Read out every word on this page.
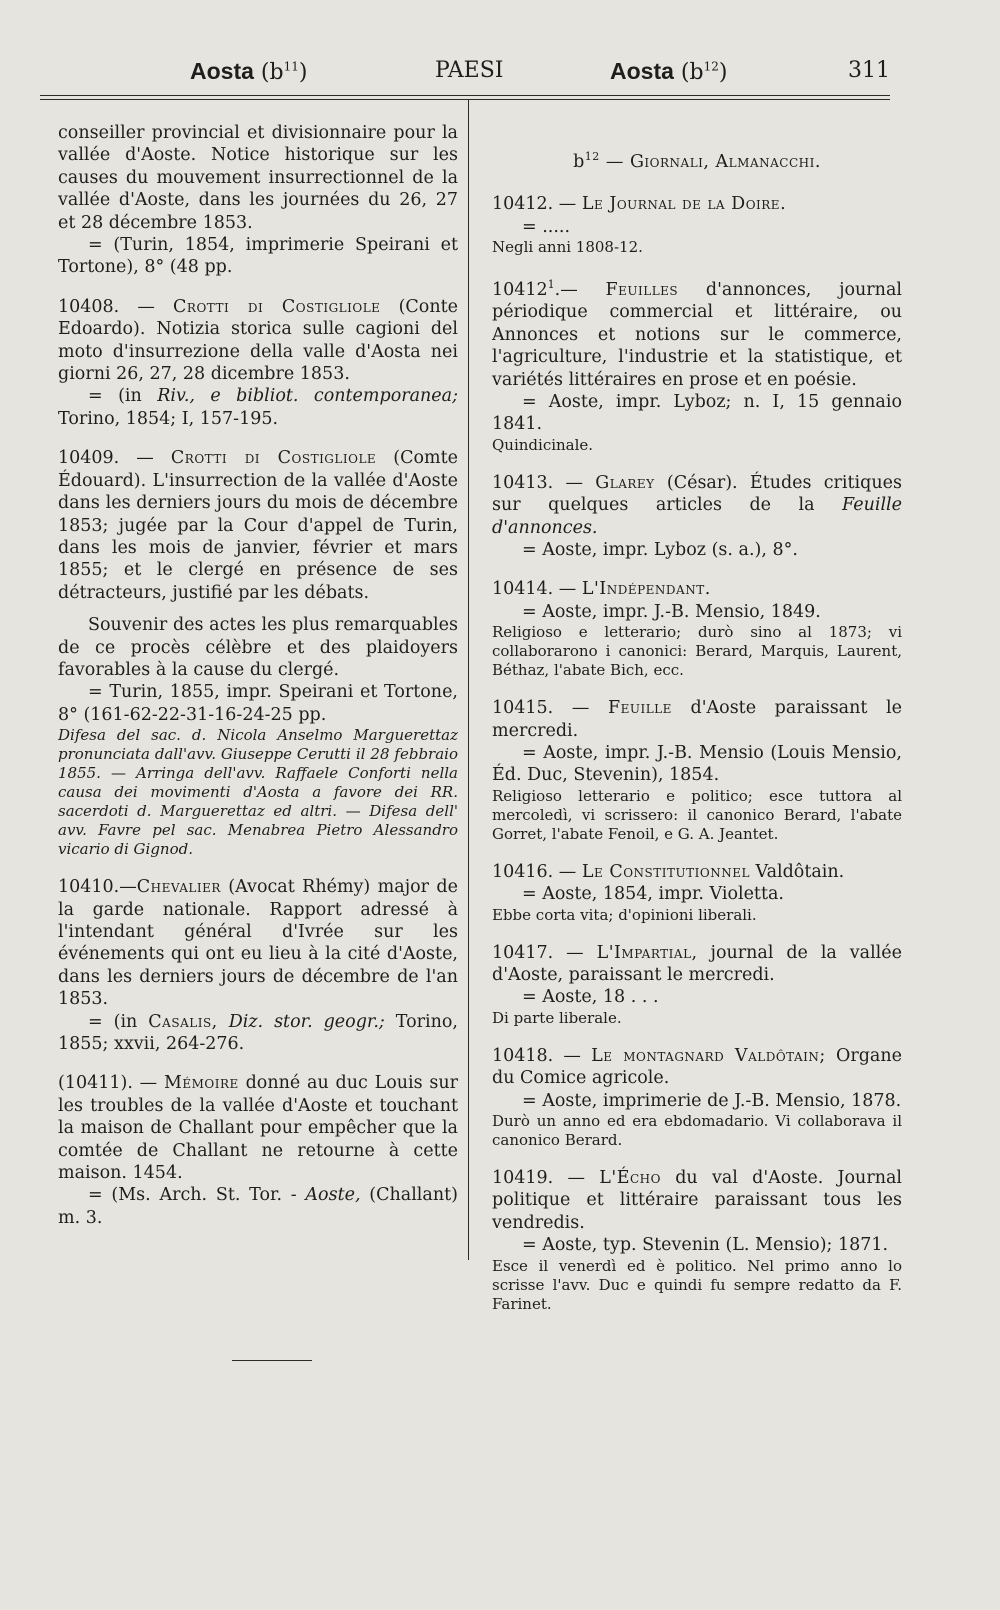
Aosta $(b^{11})$	PAESI	Aosta $(b^{12})$	311

conseiller provincial et divisionnaire pour la vallée d'Aoste. Notice historique sur les causes du mouvement insurrectionnel de la vallée d'Aoste, dans les journées du 26, 27 et 28 décembre 1853.

= (Turin, 1854, imprimerie Speirani et Tortone), 8° (48 pp.

10408. — Crotti di Costigliole (Conte Edoardo). Notizia storica sulle cagioni del moto d'insurrezione della valle d'Aosta nei giorni 26, 27, 28 dicembre 1853.

= (in Riv., e bibliot. contemporanea; Torino, 1854; I, 157-195.

10409. — Crotti di Costigliole (Comte Édouard). L'insurrection de la vallée d'Aoste dans les derniers jours du mois de décembre 1853; jugée par la Cour d'appel de Turin, dans les mois de janvier, février et mars 1855; et le clergé en présence de ses détracteurs, justifié par les débats.

Souvenir des actes les plus remarquables de ce procès célèbre et des plaidoyers favorables à la cause du clergé.

= Turin, 1855, impr. Speirani et Tortone, 8° (161-62-22-31-16-24-25 pp.

Difesa del sac. d. Nicola Anselmo Marguerettaz pronunciata dall'avv. Giuseppe Cerutti il 28 febbraio 1855. — Arringa dell'avv. Raffaele Conforti nella causa dei movimenti d'Aosta a favore dei RR. sacerdoti d. Marguerettaz ed altri. — Difesa dell' avv. Favre pel sac. Menabrea Pietro Alessandro vicario di Gignod.

10410.—Chevalier (Avocat Rhémy) major de la garde nationale. Rapport adressé à l'intendant général d'Ivrée sur les événements qui ont eu lieu à la cité d'Aoste, dans les derniers jours de décembre de l'an 1853.

= (in Casalis, Diz. stor. geogr.; Torino, 1855; xxvii, 264-276.

(10411). — Mémoire donné au duc Louis sur les troubles de la vallée d'Aoste et touchant la maison de Challant pour empêcher que la comtée de Challant ne retourne à cette maison. 1454.

= (Ms. Arch. St. Tor. - Aoste, (Challant) m. 3.

$b^{12}$ — Giornali, Almanacchi.

10412. — Le Journal de la Doire.

= .....

Negli anni 1808-12.

10412$^1$.— Feuilles d'annonces, journal périodique commercial et littéraire, ou Annonces et notions sur le commerce, l'agriculture, l'industrie et la statistique, et variétés littéraires en prose et en poésie.

= Aoste, impr. Lyboz; n. I, 15 gennaio 1841.

Quindicinale.

10413. — Glarey (César). Études critiques sur quelques articles de la Feuille d'annonces.

= Aoste, impr. Lyboz (s. a.), 8°.

10414. — L'Indépendant.

= Aoste, impr. J.-B. Mensio, 1849.

Religioso e letterario; durò sino al 1873; vi collaborarono i canonici: Berard, Marquis, Laurent, Béthaz, l'abate Bich, ecc.

10415. — Feuille d'Aoste paraissant le mercredi.

= Aoste, impr. J.-B. Mensio (Louis Mensio, Éd. Duc, Stevenin), 1854.

Religioso letterario e politico; esce tuttora al mercoledì, vi scrissero: il canonico Berard, l'abate Gorret, l'abate Fenoil, e G. A. Jeantet.

10416. — Le Constitutionnel Valdôtain.

= Aoste, 1854, impr. Violetta.

Ebbe corta vita; d'opinioni liberali.

10417. — L'Impartial, journal de la vallée d'Aoste, paraissant le mercredi.

= Aoste, 18 . . .

Di parte liberale.

10418. — Le montagnard Valdôtain; Organe du Comice agricole.

= Aoste, imprimerie de J.-B. Mensio, 1878.

Durò un anno ed era ebdomadario. Vi collaborava il canonico Berard.

10419. — L'Écho du val d'Aoste. Journal politique et littéraire paraissant tous les vendredis.

= Aoste, typ. Stevenin (L. Mensio); 1871.

Esce il venerdì ed è politico. Nel primo anno lo scrisse l'avv. Duc e quindi fu sempre redatto da F. Farinet.
